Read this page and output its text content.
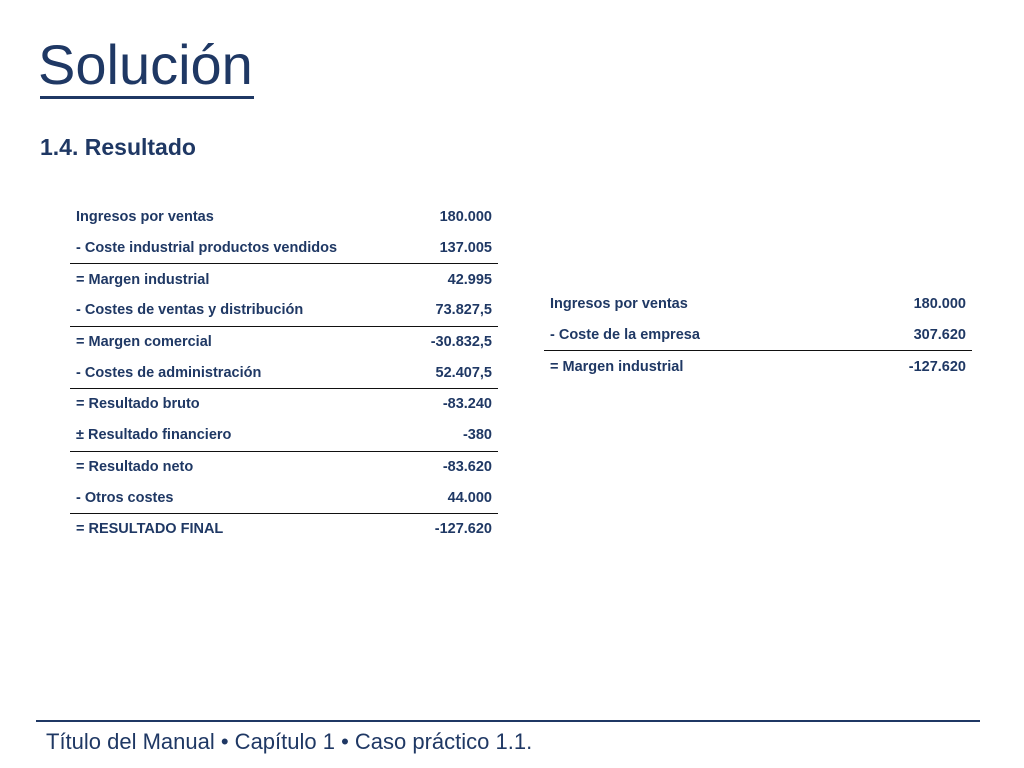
Solución
1.4. Resultado
Ingresos por ventas	180.000
- Coste industrial productos vendidos	137.005
= Margen industrial	42.995
- Costes de ventas y distribución	73.827,5
= Margen comercial	-30.832,5
- Costes de administración	52.407,5
= Resultado bruto	-83.240
± Resultado financiero	-380
= Resultado neto	-83.620
- Otros costes	44.000
= RESULTADO FINAL	-127.620
Ingresos por ventas	180.000
- Coste de la empresa	307.620
= Margen industrial	-127.620

Título del Manual • Capítulo 1 • Caso práctico 1.1.
